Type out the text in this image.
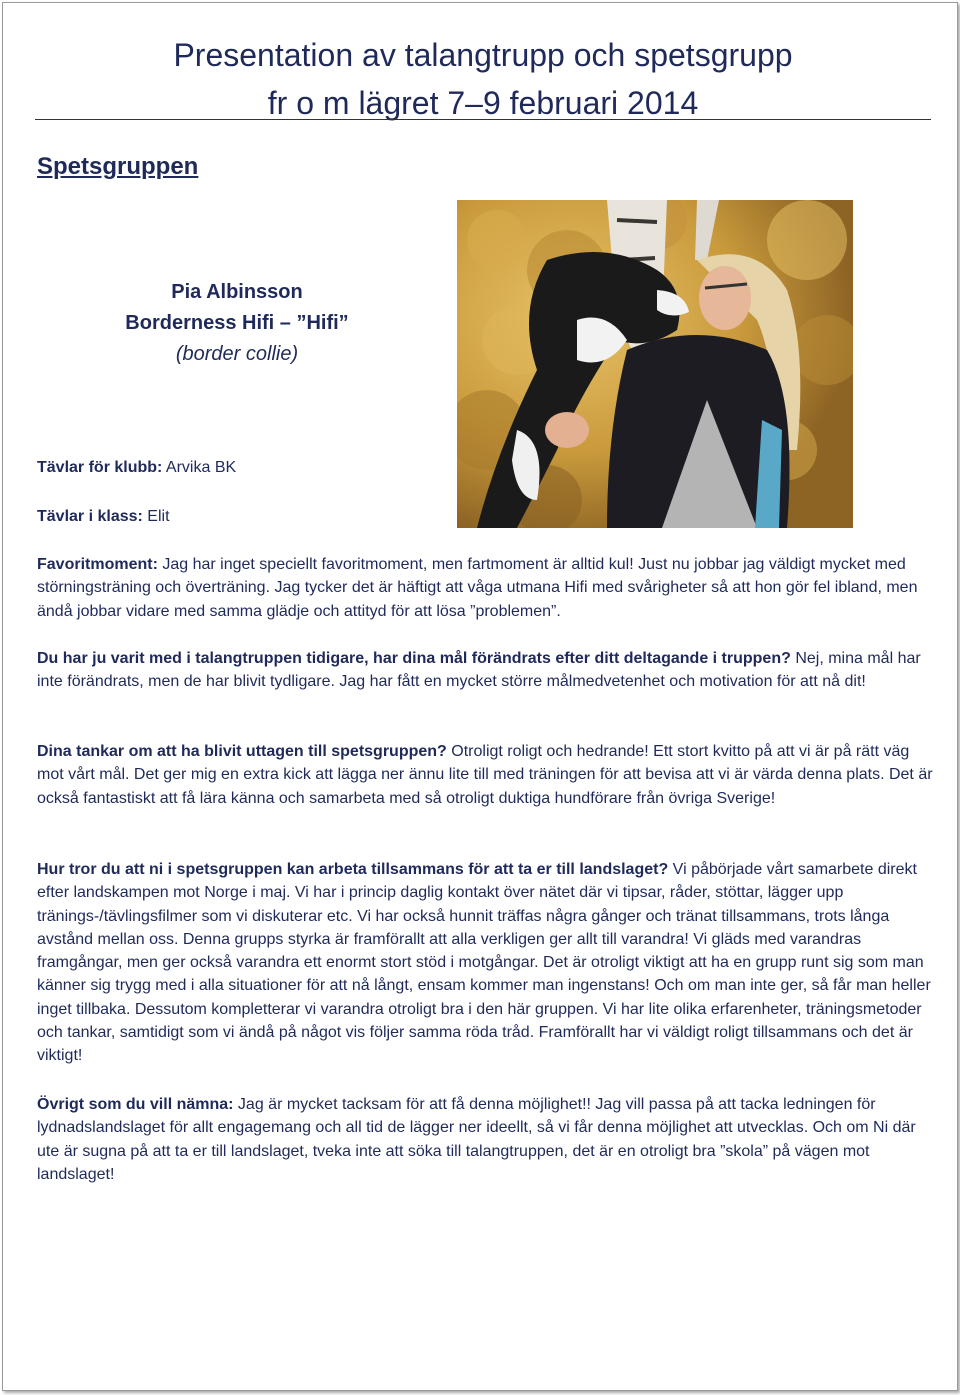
Presentation av talangtrupp och spetsgrupp
fr o m lägret 7–9 februari 2014
Spetsgruppen
Pia Albinsson
Borderness Hifi – ”Hifi”
(border collie)
Tävlar för klubb: Arvika BK
Tävlar i klass: Elit
Favoritmoment: Jag har inget speciellt favoritmoment, men fartmoment är alltid kul! Just nu jobbar jag väldigt mycket med störningsträning och överträning. Jag tycker det är häftigt att våga utmana Hifi med svårigheter så att hon gör fel ibland, men ändå jobbar vidare med samma glädje och attityd för att lösa ”problemen”.
Du har ju varit med i talangtruppen tidigare, har dina mål förändrats efter ditt deltagande i truppen? Nej, mina mål har inte förändrats, men de har blivit tydligare. Jag har fått en mycket större målmedvetenhet och motivation för att nå dit!
Dina tankar om att ha blivit uttagen till spetsgruppen? Otroligt roligt och hedrande! Ett stort kvitto på att vi är på rätt väg mot vårt mål. Det ger mig en extra kick att lägga ner ännu lite till med träningen för att bevisa att vi är värda denna plats. Det är också fantastiskt att få lära känna och samarbeta med så otroligt duktiga hundförare från övriga Sverige!
Hur tror du att ni i spetsgruppen kan arbeta tillsammans för att ta er till landslaget? Vi påbörjade vårt samarbete direkt efter landskampen mot Norge i maj. Vi har i princip daglig kontakt över nätet där vi tipsar, råder, stöttar, lägger upp tränings-/tävlingsfilmer som vi diskuterar etc. Vi har också hunnit träffas några gånger och tränat tillsammans, trots långa avstånd mellan oss. Denna grupps styrka är framförallt att alla verkligen ger allt till varandra! Vi gläds med varandras framgångar, men ger också varandra ett enormt stort stöd i motgångar. Det är otroligt viktigt att ha en grupp runt sig som man känner sig trygg med i alla situationer för att nå långt, ensam kommer man ingenstans! Och om man inte ger, så får man heller inget tillbaka. Dessutom kompletterar vi varandra otroligt bra i den här gruppen. Vi har lite olika erfarenheter, träningsmetoder och tankar, samtidigt som vi ändå på något vis följer samma röda tråd. Framförallt har vi väldigt roligt tillsammans och det är viktigt!
Övrigt som du vill nämna: Jag är mycket tacksam för att få denna möjlighet!! Jag vill passa på att tacka ledningen för lydnadslandslaget för allt engagemang och all tid de lägger ner ideellt, så vi får denna möjlighet att utvecklas. Och om Ni där ute är sugna på att ta er till landslaget, tveka inte att söka till talangtruppen, det är en otroligt bra ”skola” på vägen mot landslaget!
